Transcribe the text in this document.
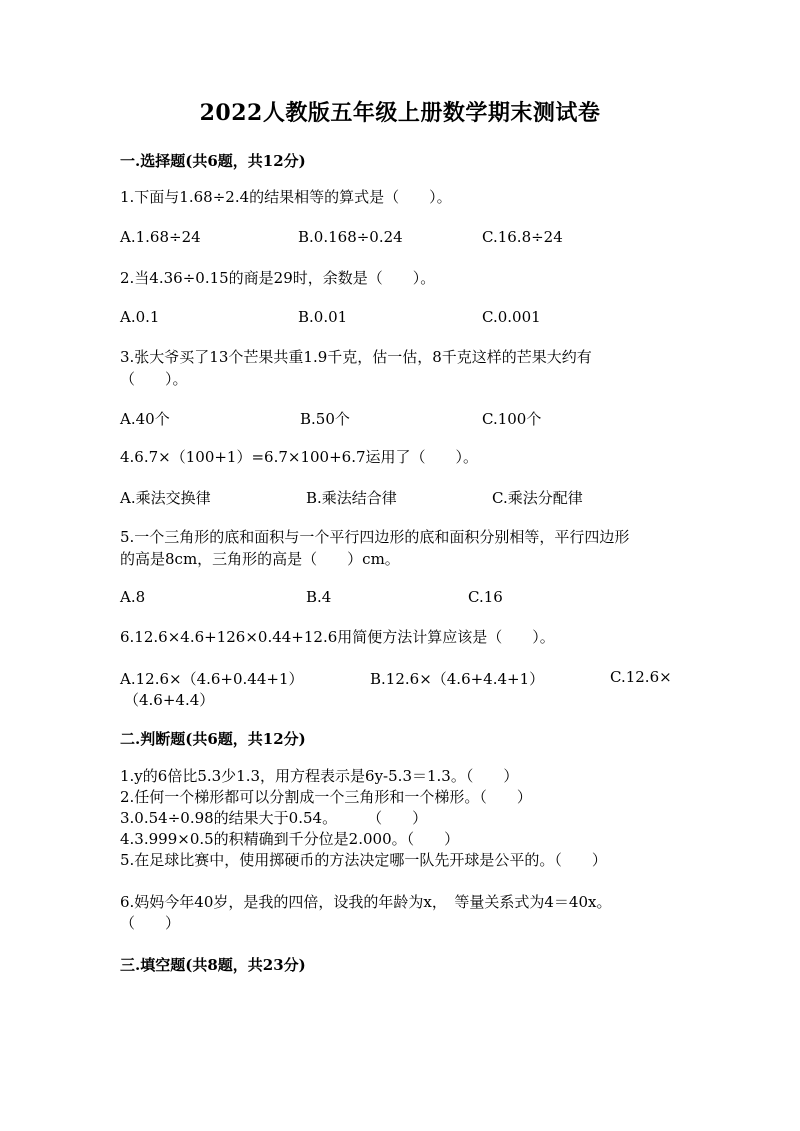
2022人教版五年级上册数学期末测试卷
一.选择题(共6题，共12分)
1.下面与1.68÷2.4的结果相等的算式是（　　）。
A.1.68÷24	B.0.168÷0.24	C.16.8÷24
2.当4.36÷0.15的商是29时，余数是（　　）。
A.0.1	B.0.01	C.0.001
3.张大爷买了13个芒果共重1.9千克，估一估，8千克这样的芒果大约有
（　　）。
A.40个	B.50个	C.100个
4.6.7×（100+1）=6.7×100+6.7运用了（　　）。
A.乘法交换律	B.乘法结合律	C.乘法分配律
5.一个三角形的底和面积与一个平行四边形的底和面积分别相等，平行四边形
的高是8cm，三角形的高是（　　）cm。
A.8	B.4	C.16
6.12.6×4.6+126×0.44+12.6用简便方法计算应该是（　　）。
A.12.6×（4.6+0.44+1）	B.12.6×（4.6+4.4+1）	C.12.6×
（4.6+4.4）
二.判断题(共6题，共12分)
1.y的6倍比5.3少1.3，用方程表示是6y-5.3＝1.3。（　　）
2.任何一个梯形都可以分割成一个三角形和一个梯形。（　　）
3.0.54÷0.98的结果大于0.54。　　　（　　）
4.3.999×0.5的积精确到千分位是2.000。（　　）
5.在足球比赛中，使用掷硬币的方法决定哪一队先开球是公平的。（　　）
6.妈妈今年40岁，是我的四倍，设我的年龄为x，　等量关系式为4＝40x。
（　　）
三.填空题(共8题，共23分)
